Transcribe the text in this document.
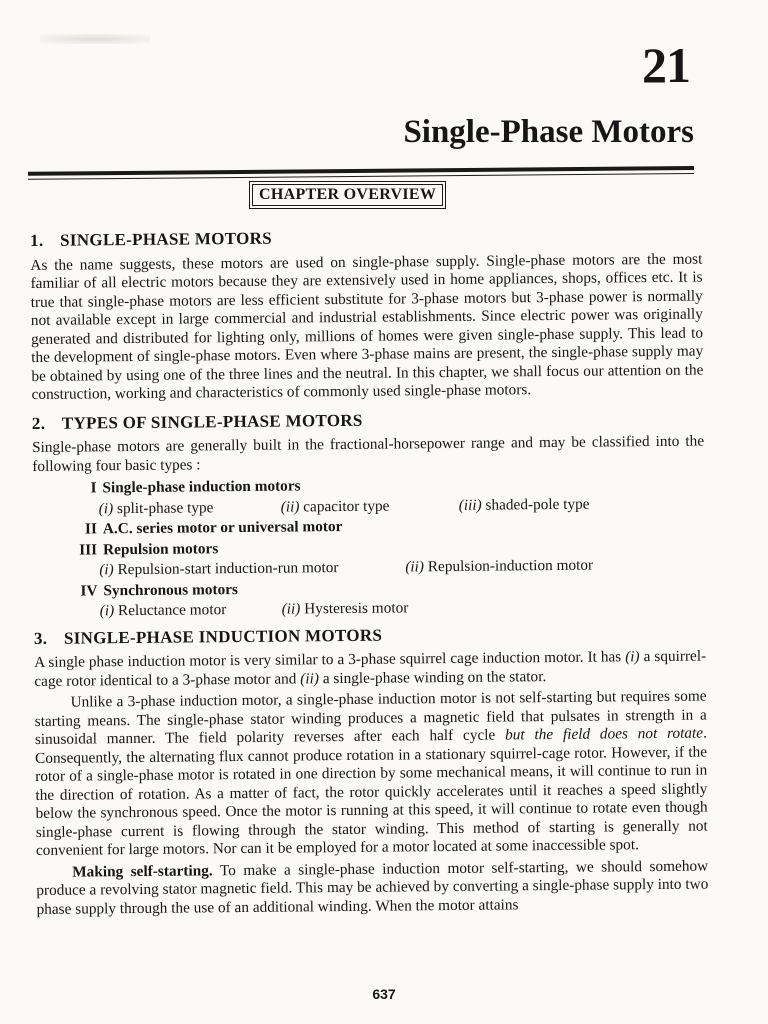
21
Single-Phase Motors
CHAPTER OVERVIEW
1. SINGLE-PHASE MOTORS

As the name suggests, these motors are used on single-phase supply. Single-phase motors are the most familiar of all electric motors because they are extensively used in home appliances, shops, offices etc. It is true that single-phase motors are less efficient substitute for 3-phase motors but 3-phase power is normally not available except in large commercial and industrial establishments. Since electric power was originally generated and distributed for lighting only, millions of homes were given single-phase supply. This lead to the development of single-phase motors. Even where 3-phase mains are present, the single-phase supply may be obtained by using one of the three lines and the neutral. In this chapter, we shall focus our attention on the construction, working and characteristics of commonly used single-phase motors.

2. TYPES OF SINGLE-PHASE MOTORS

Single-phase motors are generally built in the fractional-horsepower range and may be classified into the following four basic types :

I Single-phase induction motors
(i) split-phase type	(ii) capacitor type	(iii) shaded-pole type
II A.C. series motor or universal motor
III Repulsion motors
(i) Repulsion-start induction-run motor	(ii) Repulsion-induction motor
IV Synchronous motors
(i) Reluctance motor	(ii) Hysteresis motor
3. SINGLE-PHASE INDUCTION MOTORS

A single phase induction motor is very similar to a 3-phase squirrel cage induction motor. It has (i) a squirrel-cage rotor identical to a 3-phase motor and (ii) a single-phase winding on the stator.

Unlike a 3-phase induction motor, a single-phase induction motor is not self-starting but requires some starting means. The single-phase stator winding produces a magnetic field that pulsates in strength in a sinusoidal manner. The field polarity reverses after each half cycle but the field does not rotate. Consequently, the alternating flux cannot produce rotation in a stationary squirrel-cage rotor. However, if the rotor of a single-phase motor is rotated in one direction by some mechanical means, it will continue to run in the direction of rotation. As a matter of fact, the rotor quickly accelerates until it reaches a speed slightly below the synchronous speed. Once the motor is running at this speed, it will continue to rotate even though single-phase current is flowing through the stator winding. This method of starting is generally not convenient for large motors. Nor can it be employed for a motor located at some inaccessible spot.

Making self-starting. To make a single-phase induction motor self-starting, we should somehow produce a revolving stator magnetic field. This may be achieved by converting a single-phase supply into two phase supply through the use of an additional winding. When the motor attains

637
